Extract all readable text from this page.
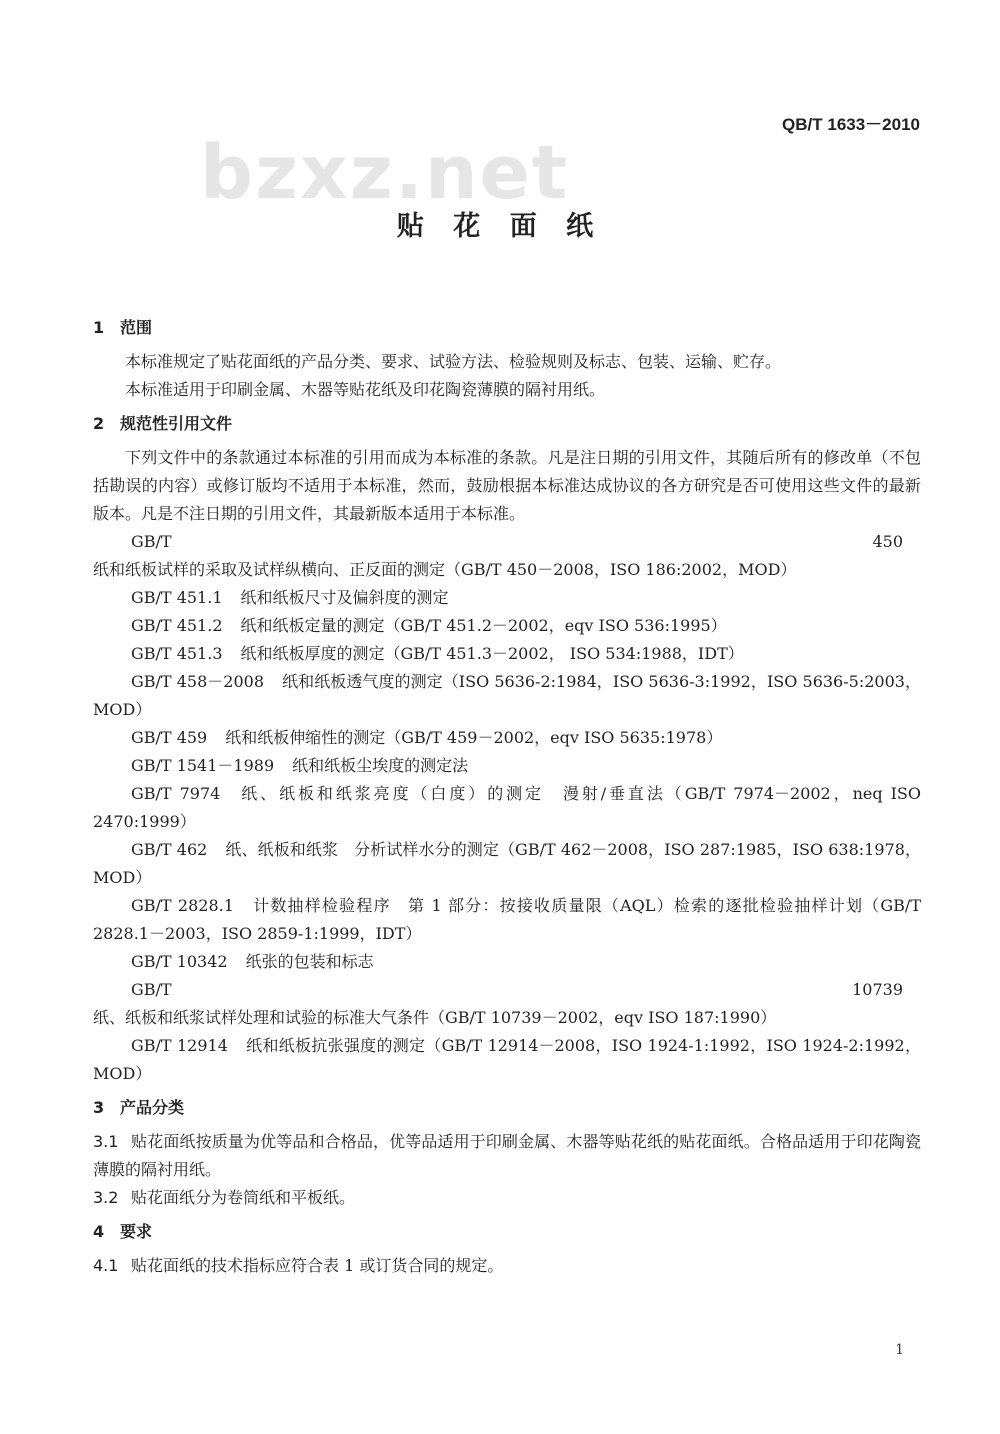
bzxz.net
QB/T 1633－2010
贴 花 面 纸

1 范围

本标准规定了贴花面纸的产品分类、要求、试验方法、检验规则及标志、包装、运输、贮存。

本标准适用于印刷金属、木器等贴花纸及印花陶瓷薄膜的隔衬用纸。

2 规范性引用文件

下列文件中的条款通过本标准的引用而成为本标准的条款。凡是注日期的引用文件，其随后所有的修改单（不包括勘误的内容）或修订版均不适用于本标准，然而，鼓励根据本标准达成协议的各方研究是否可使用这些文件的最新版本。凡是不注日期的引用文件，其最新版本适用于本标准。

GB/T 450纸和纸板试样的采取及试样纵横向、正反面的测定（GB/T 450－2008，ISO 186:2002，MOD）

GB/T 451.1 纸和纸板尺寸及偏斜度的测定

GB/T 451.2 纸和纸板定量的测定（GB/T 451.2－2002，eqv ISO 536:1995）

GB/T 451.3 纸和纸板厚度的测定（GB/T 451.3－2002， ISO 534:1988，IDT）

GB/T 458－2008 纸和纸板透气度的测定（ISO 5636-2:1984，ISO 5636-3:1992，ISO 5636-5:2003，MOD）

GB/T 459 纸和纸板伸缩性的测定（GB/T 459－2002，eqv ISO 5635:1978）

GB/T 1541－1989 纸和纸板尘埃度的测定法

GB/T 7974 纸、纸板和纸浆亮度（白度）的测定　漫射/垂直法（GB/T 7974－2002，neq ISO 2470:1999）

GB/T 462 纸、纸板和纸浆　分析试样水分的测定（GB/T 462－2008，ISO 287:1985，ISO 638:1978，MOD）

GB/T 2828.1 计数抽样检验程序　第 1 部分：按接收质量限（AQL）检索的逐批检验抽样计划（GB/T 2828.1－2003，ISO 2859-1:1999，IDT）

GB/T 10342 纸张的包装和标志

GB/T 10739纸、纸板和纸浆试样处理和试验的标准大气条件（GB/T 10739－2002，eqv ISO 187:1990）

GB/T 12914 纸和纸板抗张强度的测定（GB/T 12914－2008，ISO 1924-1:1992，ISO 1924-2:1992，MOD）

3 产品分类

3.1 贴花面纸按质量为优等品和合格品，优等品适用于印刷金属、木器等贴花纸的贴花面纸。合格品适用于印花陶瓷薄膜的隔衬用纸。

3.2 贴花面纸分为卷筒纸和平板纸。

4 要求

4.1 贴花面纸的技术指标应符合表 1 或订货合同的规定。

1
